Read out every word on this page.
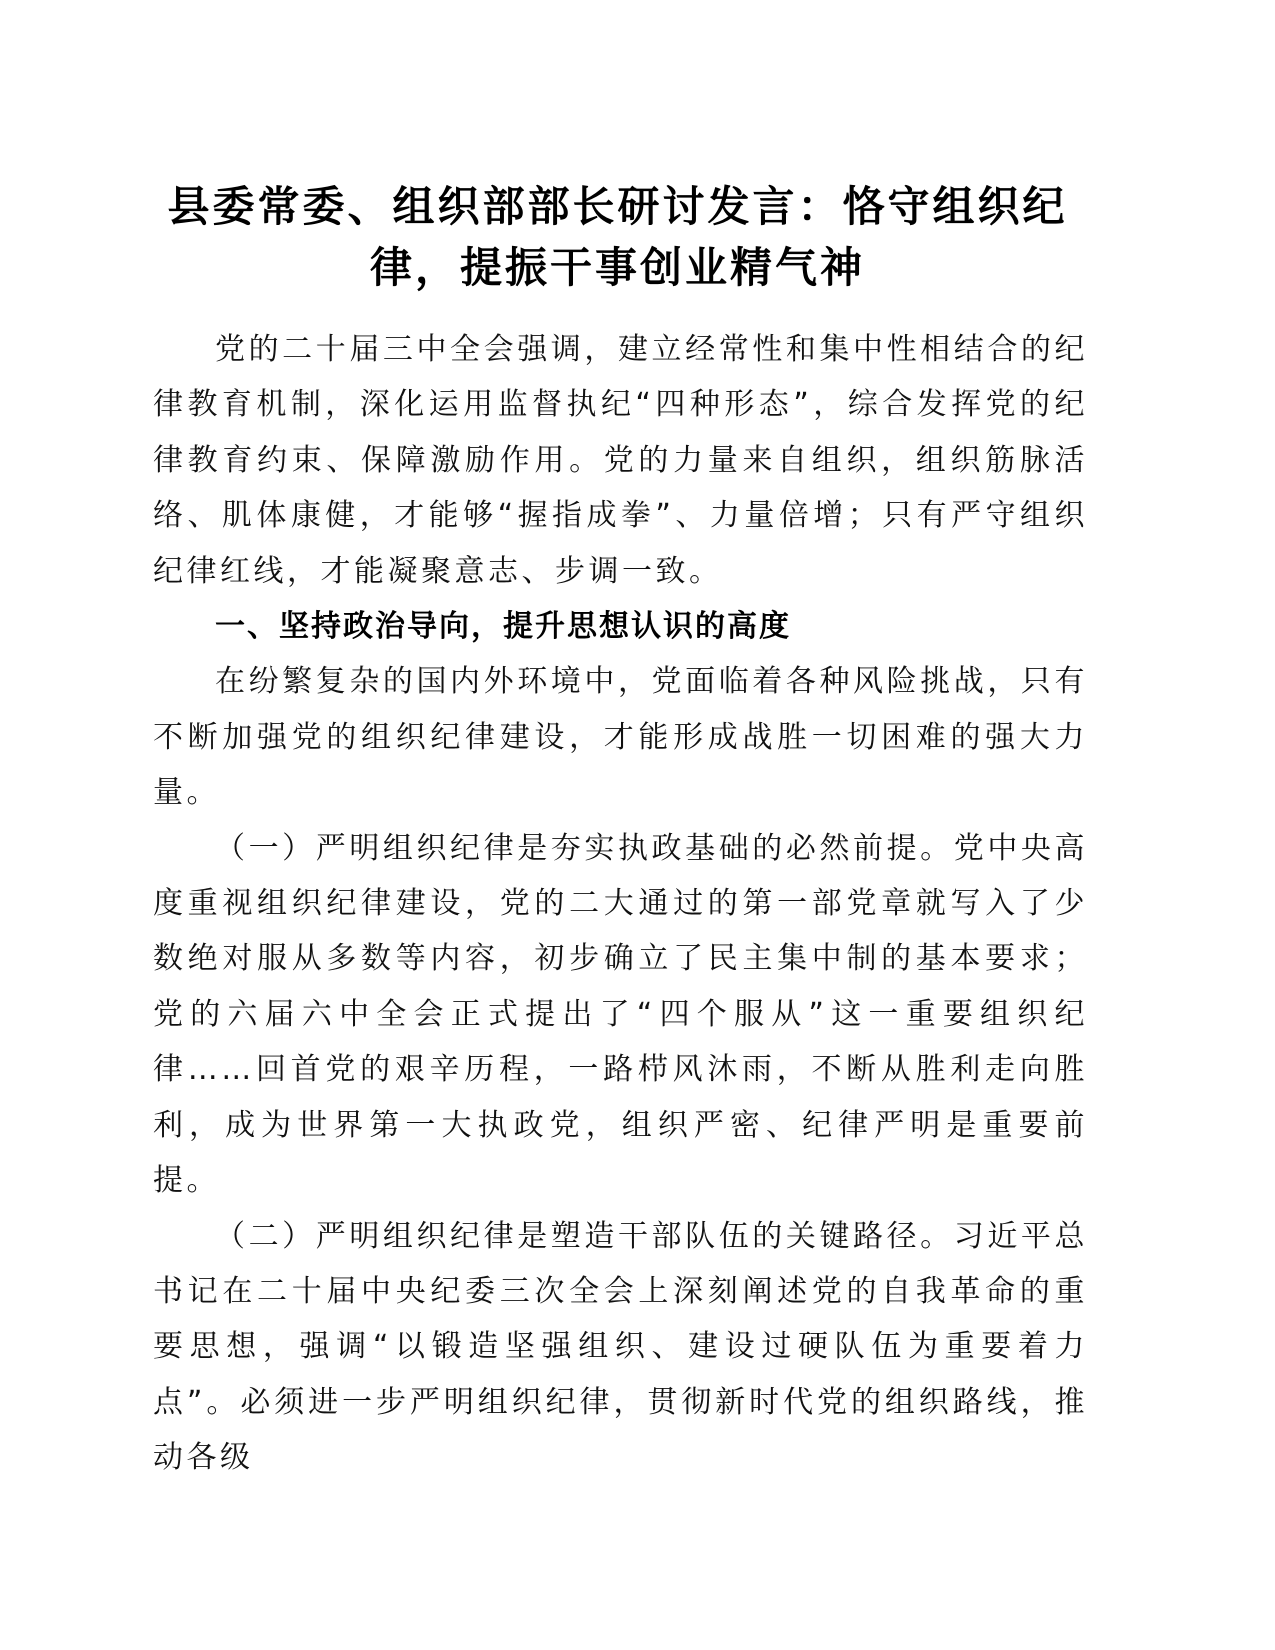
县委常委、组织部部长研讨发言：恪守组织纪律，提振干事创业精气神

党的二十届三中全会强调，建立经常性和集中性相结合的纪律教育机制，深化运用监督执纪“四种形态”，综合发挥党的纪律教育约束、保障激励作用。党的力量来自组织，组织筋脉活络、肌体康健，才能够“握指成拳”、力量倍增；只有严守组织纪律红线，才能凝聚意志、步调一致。

一、坚持政治导向，提升思想认识的高度

在纷繁复杂的国内外环境中，党面临着各种风险挑战，只有不断加强党的组织纪律建设，才能形成战胜一切困难的强大力量。

（一）严明组织纪律是夯实执政基础的必然前提。党中央高度重视组织纪律建设，党的二大通过的第一部党章就写入了少数绝对服从多数等内容，初步确立了民主集中制的基本要求；党的六届六中全会正式提出了“四个服从”这一重要组织纪律……回首党的艰辛历程，一路栉风沐雨，不断从胜利走向胜利，成为世界第一大执政党，组织严密、纪律严明是重要前提。

（二）严明组织纪律是塑造干部队伍的关键路径。习近平总书记在二十届中央纪委三次全会上深刻阐述党的自我革命的重要思想，强调“以锻造坚强组织、建设过硬队伍为重要着力点”。必须进一步严明组织纪律，贯彻新时代党的组织路线，推动各级
